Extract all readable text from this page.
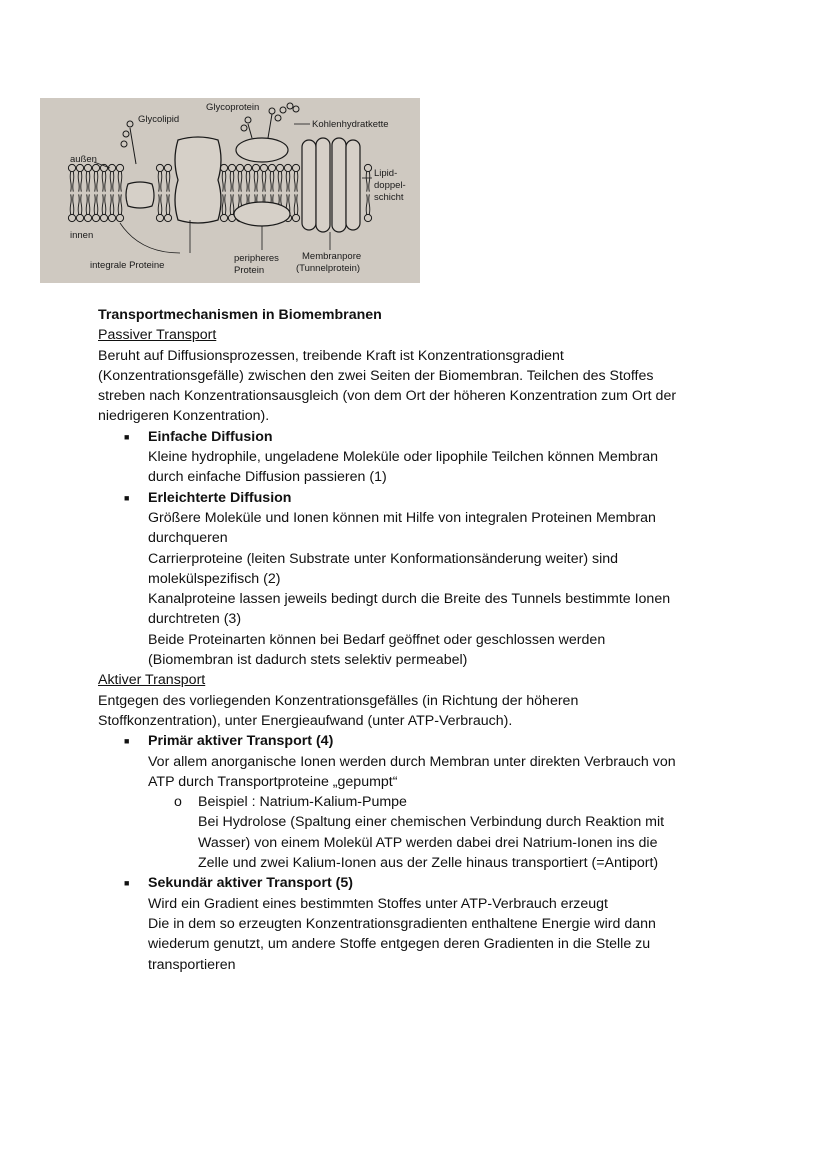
Glycolipid
Glycoprotein
Kohlenhydratkette
außen
innen
Lipid-
doppel-
schicht
integrale Proteine
peripheres
Protein
Membranpore
(Tunnelprotein)

Transportmechanismen in Biomembranen

Passiver Transport

Beruht auf Diffusionsprozessen, treibende Kraft ist Konzentrationsgradient

(Konzentrationsgefälle) zwischen den zwei Seiten der Biomembran. Teilchen des Stoffes

streben nach Konzentrationsausgleich (von dem Ort der höheren Konzentration zum Ort der

niedrigeren Konzentration).

■ Einfache Diffusion

Kleine hydrophile, ungeladene Moleküle oder lipophile Teilchen können Membran

durch einfache Diffusion passieren (1)

■ Erleichterte Diffusion

Größere Moleküle und Ionen können mit Hilfe von integralen Proteinen Membran

durchqueren

Carrierproteine (leiten Substrate unter Konformationsänderung weiter) sind

molekülspezifisch (2)

Kanalproteine lassen jeweils bedingt durch die Breite des Tunnels bestimmte Ionen

durchtreten (3)

Beide Proteinarten können bei Bedarf geöffnet oder geschlossen werden

(Biomembran ist dadurch stets selektiv permeabel)

Aktiver Transport

Entgegen des vorliegenden Konzentrationsgefälles (in Richtung der höheren

Stoffkonzentration), unter Energieaufwand (unter ATP-Verbrauch).

■ Primär aktiver Transport (4)

Vor allem anorganische Ionen werden durch Membran unter direkten Verbrauch von

ATP durch Transportproteine „gepumpt“

o Beispiel : Natrium-Kalium-Pumpe

Bei Hydrolose (Spaltung einer chemischen Verbindung durch Reaktion mit

Wasser) von einem Molekül ATP werden dabei drei Natrium-Ionen ins die

Zelle und zwei Kalium-Ionen aus der Zelle hinaus transportiert (=Antiport)

■ Sekundär aktiver Transport (5)

Wird ein Gradient eines bestimmten Stoffes unter ATP-Verbrauch erzeugt

Die in dem so erzeugten Konzentrationsgradienten enthaltene Energie wird dann

wiederum genutzt, um andere Stoffe entgegen deren Gradienten in die Stelle zu

transportieren
